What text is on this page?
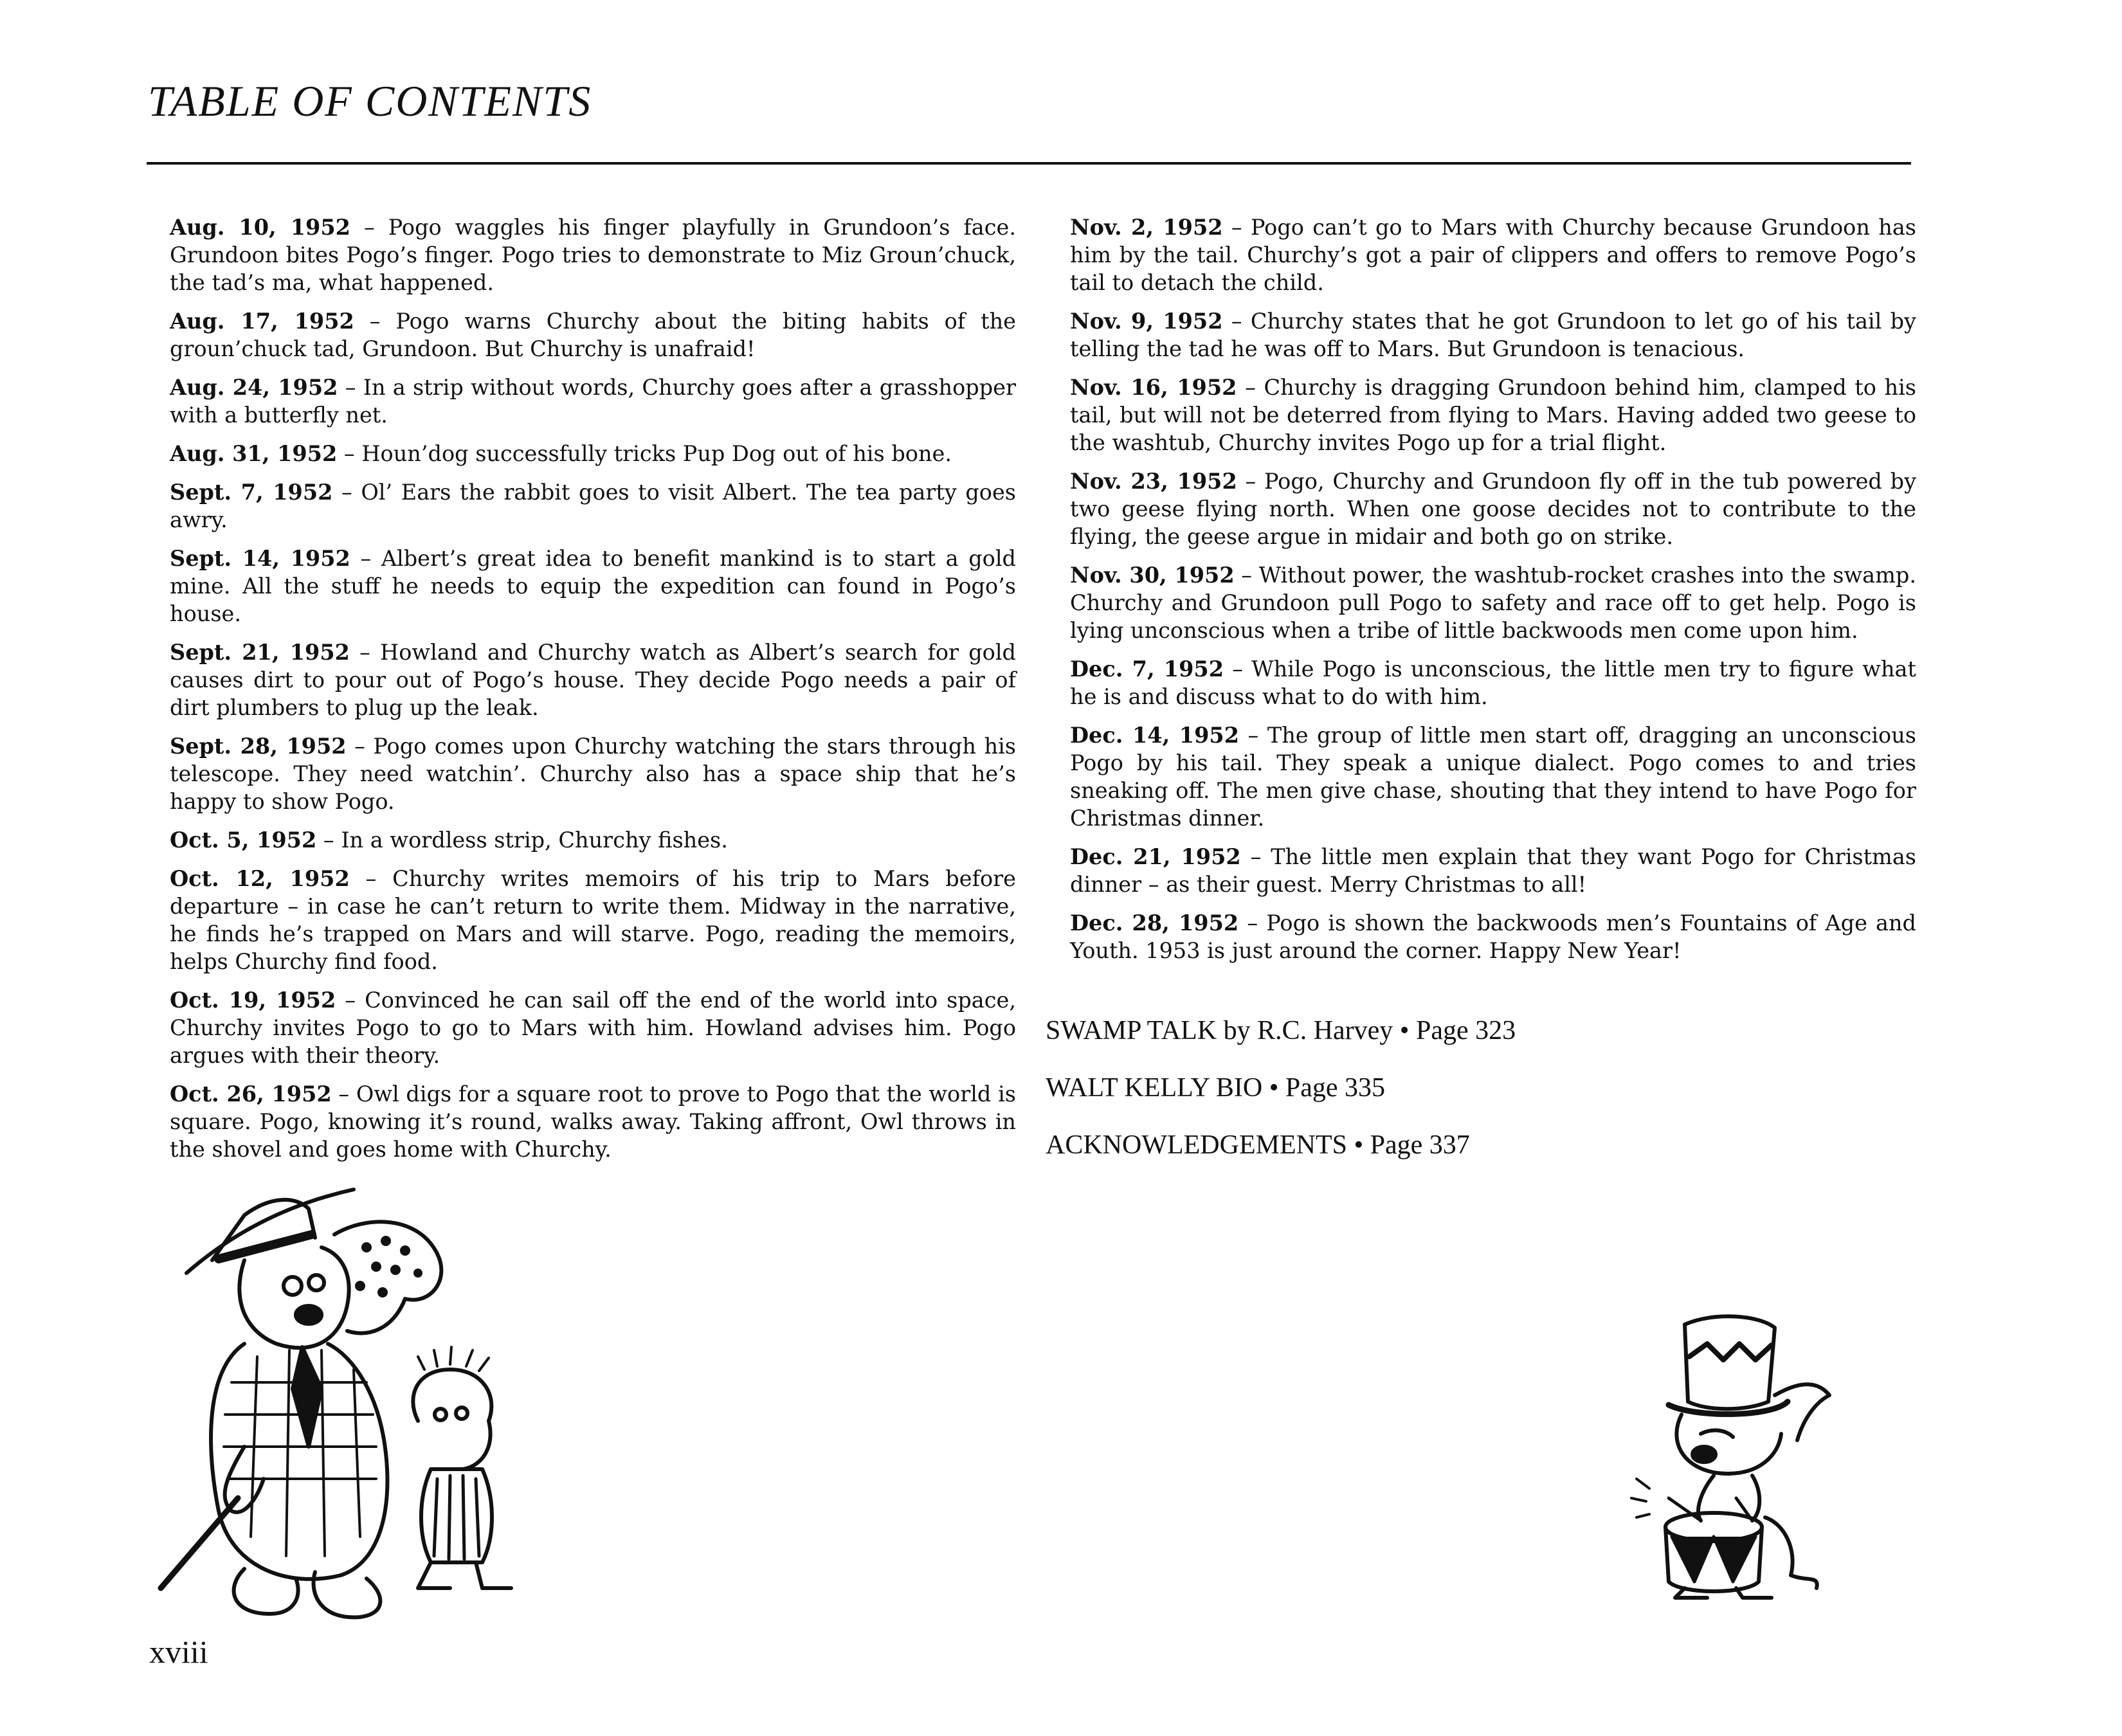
TABLE OF CONTENTS

Aug. 10, 1952 – Pogo waggles his finger playfully in Grundoon’s face. Grundoon bites Pogo’s finger. Pogo tries to demonstrate to Miz Groun’chuck, the tad’s ma, what happened.

Aug. 17, 1952 – Pogo warns Churchy about the biting habits of the groun’chuck tad, Grundoon. But Churchy is unafraid!

Aug. 24, 1952 – In a strip without words, Churchy goes after a grasshopper with a butterfly net.

Aug. 31, 1952 – Houn’dog successfully tricks Pup Dog out of his bone.

Sept. 7, 1952 – Ol’ Ears the rabbit goes to visit Albert. The tea party goes awry.

Sept. 14, 1952 – Albert’s great idea to benefit mankind is to start a gold mine. All the stuff he needs to equip the expedition can found in Pogo’s house.

Sept. 21, 1952 – Howland and Churchy watch as Albert’s search for gold causes dirt to pour out of Pogo’s house. They decide Pogo needs a pair of dirt plumbers to plug up the leak.

Sept. 28, 1952 – Pogo comes upon Churchy watching the stars through his telescope. They need watchin’. Churchy also has a space ship that he’s happy to show Pogo.

Oct. 5, 1952 – In a wordless strip, Churchy fishes.

Oct. 12, 1952 – Churchy writes memoirs of his trip to Mars before departure – in case he can’t return to write them. Midway in the narrative, he finds he’s trapped on Mars and will starve. Pogo, reading the memoirs, helps Churchy find food.

Oct. 19, 1952 – Convinced he can sail off the end of the world into space, Churchy invites Pogo to go to Mars with him. Howland advises him. Pogo argues with their theory.

Oct. 26, 1952 – Owl digs for a square root to prove to Pogo that the world is square. Pogo, knowing it’s round, walks away. Taking affront, Owl throws in the shovel and goes home with Churchy.

Nov. 2, 1952 – Pogo can’t go to Mars with Churchy because Grundoon has him by the tail. Churchy’s got a pair of clippers and offers to remove Pogo’s tail to detach the child.

Nov. 9, 1952 – Churchy states that he got Grundoon to let go of his tail by telling the tad he was off to Mars. But Grundoon is tenacious.

Nov. 16, 1952 – Churchy is dragging Grundoon behind him, clamped to his tail, but will not be deterred from flying to Mars. Having added two geese to the washtub, Churchy invites Pogo up for a trial flight.

Nov. 23, 1952 – Pogo, Churchy and Grundoon fly off in the tub powered by two geese flying north. When one goose decides not to contribute to the flying, the geese argue in midair and both go on strike.

Nov. 30, 1952 – Without power, the washtub-rocket crashes into the swamp. Churchy and Grundoon pull Pogo to safety and race off to get help. Pogo is lying unconscious when a tribe of little backwoods men come upon him.

Dec. 7, 1952 – While Pogo is unconscious, the little men try to figure what he is and discuss what to do with him.

Dec. 14, 1952 – The group of little men start off, dragging an unconscious Pogo by his tail. They speak a unique dialect. Pogo comes to and tries sneaking off. The men give chase, shouting that they intend to have Pogo for Christmas dinner.

Dec. 21, 1952 – The little men explain that they want Pogo for Christmas dinner – as their guest. Merry Christmas to all!

Dec. 28, 1952 – Pogo is shown the backwoods men’s Fountains of Age and Youth. 1953 is just around the corner. Happy New Year!

SWAMP TALK by R.C. Harvey • Page 323
WALT KELLY BIO • Page 335
ACKNOWLEDGEMENTS • Page 337
xviii
